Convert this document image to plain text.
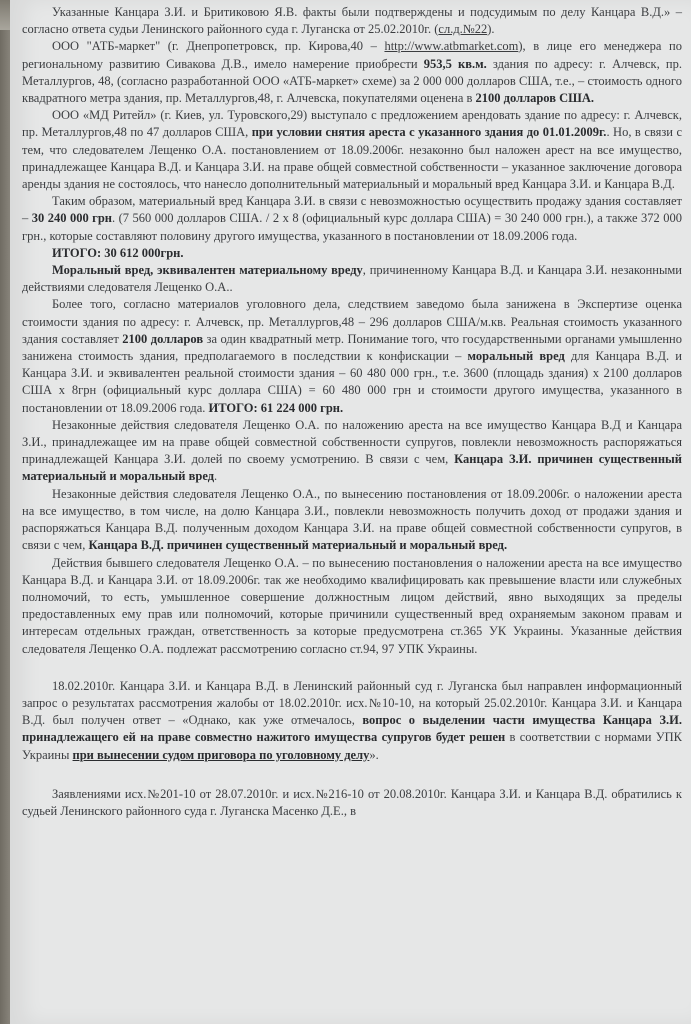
Указанные Канцара З.И. и Бритиковою Я.В. факты были подтверждены и подсудимым по делу Канцара В.Д.» – согласно ответа судьи Ленинского районного суда г. Луганска от 25.02.2010г. (сл.д.№22).

ООО "АТБ-маркет" (г. Днепропетровск, пр. Кирова,40 – http://www.atbmarket.com), в лице его менеджера по региональному развитию Сивакова Д.В., имело намерение приобрести 953,5 кв.м. здания по адресу: г. Алчевск, пр. Металлургов, 48, (согласно разработанной ООО «АТБ-маркет» схеме) за 2 000 000 долларов США, т.е., – стоимость одного квадратного метра здания, пр. Металлургов,48, г. Алчевска, покупателями оценена в 2100 долларов США.

ООО «МД Ритейл» (г. Киев, ул. Туровского,29) выступало с предложением арендовать здание по адресу: г. Алчевск, пр. Металлургов,48 по 47 долларов США, при условии снятия ареста с указанного здания до 01.01.2009г.. Но, в связи с тем, что следователем Лещенко О.А. постановлением от 18.09.2006г. незаконно был наложен арест на все имущество, принадлежащее Канцара В.Д. и Канцара З.И. на праве общей совместной собственности – указанное заключение договора аренды здания не состоялось, что нанесло дополнительный материальный и моральный вред Канцара З.И. и Канцара В.Д.

Таким образом, материальный вред Канцара З.И. в связи с невозможностью осуществить продажу здания составляет – 30 240 000 грн. (7 560 000 долларов США. / 2 х 8 (официальный курс доллара США) = 30 240 000 грн.), а также 372 000 грн., которые составляют половину другого имущества, указанного в постановлении от 18.09.2006 года.

ИТОГО: 30 612 000грн.

Моральный вред, эквивалентен материальному вреду, причиненному Канцара В.Д. и Канцара З.И. незаконными действиями следователя Лещенко О.А..

Более того, согласно материалов уголовного дела, следствием заведомо была занижена в Экспертизе оценка стоимости здания по адресу: г. Алчевск, пр. Металлургов,48 – 296 долларов США/м.кв. Реальная стоимость указанного здания составляет 2100 долларов за один квадратный метр. Понимание того, что государственными органами умышленно занижена стоимость здания, предполагаемого в последствии к конфискации – моральный вред для Канцара В.Д. и Канцара З.И. и эквивалентен реальной стоимости здания – 60 480 000 грн., т.е. 3600 (площадь здания) х 2100 долларов США х 8грн (официальный курс доллара США) = 60 480 000 грн и стоимости другого имущества, указанного в постановлении от 18.09.2006 года. ИТОГО: 61 224 000 грн.

Незаконные действия следователя Лещенко О.А. по наложению ареста на все имущество Канцара В.Д и Канцара З.И., принадлежащее им на праве общей совместной собственности супругов, повлекли невозможность распоряжаться принадлежащей Канцара З.И. долей по своему усмотрению. В связи с чем, Канцара З.И. причинен существенный материальный и моральный вред.

Незаконные действия следователя Лещенко О.А., по вынесению постановления от 18.09.2006г. о наложении ареста на все имущество, в том числе, на долю Канцара З.И., повлекли невозможность получить доход от продажи здания и распоряжаться Канцара В.Д. полученным доходом Канцара З.И. на праве общей совместной собственности супругов, в связи с чем, Канцара В.Д. причинен существенный материальный и моральный вред.

Действия бывшего следователя Лещенко О.А. – по вынесению постановления о наложении ареста на все имущество Канцара В.Д. и Канцара З.И. от 18.09.2006г. так же необходимо квалифицировать как превышение власти или служебных полномочий, то есть, умышленное совершение должностным лицом действий, явно выходящих за пределы предоставленных ему прав или полномочий, которые причинили существенный вред охраняемым законом правам и интересам отдельных граждан, ответственность за которые предусмотрена ст.365 УК Украины. Указанные действия следователя Лещенко О.А. подлежат рассмотрению согласно ст.94, 97 УПК Украины.

18.02.2010г. Канцара З.И. и Канцара В.Д. в Ленинский районный суд г. Луганска был направлен информационный запрос о результатах рассмотрения жалобы от 18.02.2010г. исх.№10-10, на который 25.02.2010г. Канцара З.И. и Канцара В.Д. был получен ответ – «Однако, как уже отмечалось, вопрос о выделении части имущества Канцара З.И. принадлежащего ей на праве совместно нажитого имущества супругов будет решен в соответствии с нормами УПК Украины при вынесении судом приговора по уголовному делу».

Заявлениями исх.№201-10 от 28.07.2010г. и исх.№216-10 от 20.08.2010г. Канцара З.И. и Канцара В.Д. обратились к судьей Ленинского районного суда г. Луганска Масенко Д.Е., в
